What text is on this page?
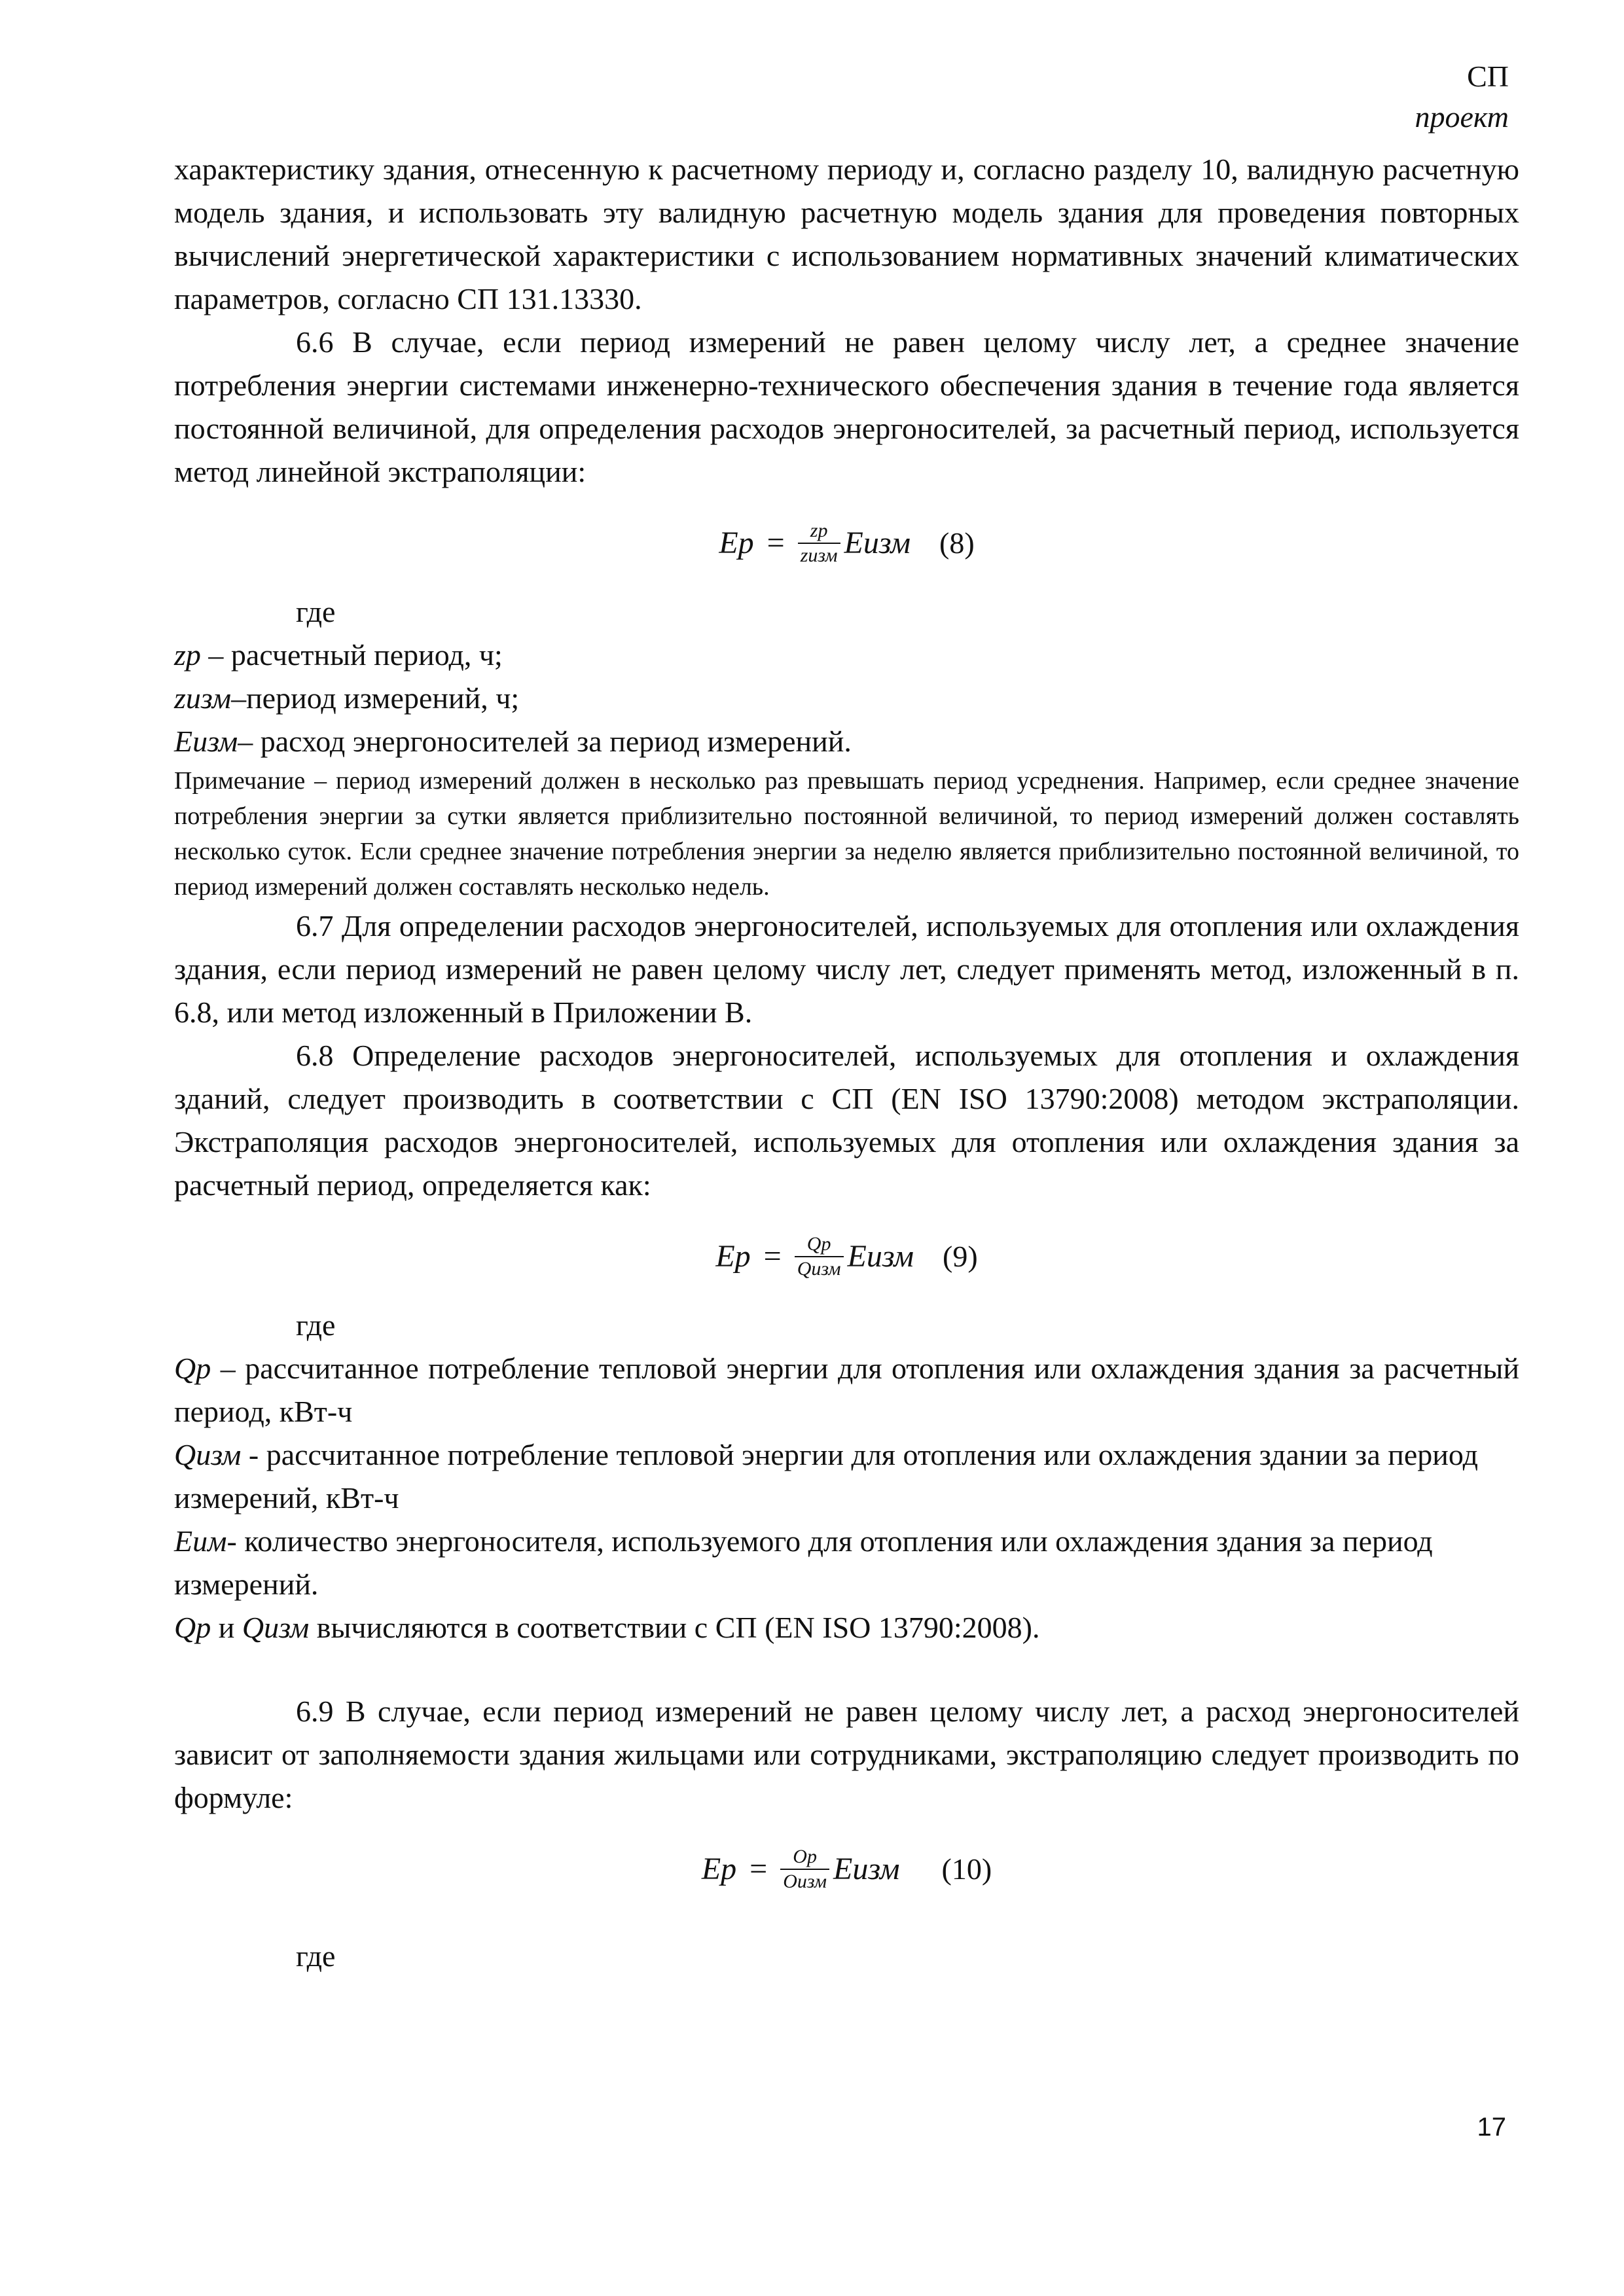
СП
проект

характеристику здания, отнесенную к расчетному периоду и, согласно разделу 10, валидную расчетную модель здания, и использовать эту валидную расчетную модель здания для проведения повторных вычислений энергетической характеристики с использованием нормативных значений климатических параметров, согласно СП 131.13330.

6.6 В случае, если период измерений не равен целому числу лет, а среднее значение потребления энергии системами инженерно-технического обеспечения здания в течение года является постоянной величиной, для определения расходов энергоносителей, за расчетный период, используется метод линейной экстраполяции:

Eр = $\frac{zр}{\text{zизм}}$ Eизм (8)

где

zр – расчетный период, ч;

zизм–период измерений, ч;

Eизм– расход энергоносителей за период измерений.

Примечание – период измерений должен в несколько раз превышать период усреднения. Например, если среднее значение потребления энергии за сутки является приблизительно постоянной величиной, то период измерений должен составлять несколько суток. Если среднее значение потребления энергии за неделю является приблизительно постоянной величиной, то период измерений должен составлять несколько недель.

6.7 Для определении расходов энергоносителей, используемых для отопления или охлаждения здания, если период измерений не равен целому числу лет, следует применять метод, изложенный в п. 6.8, или метод изложенный в Приложении В.

6.8 Определение расходов энергоносителей, используемых для отопления и охлаждения зданий, следует производить в соответствии с СП (EN ISO 13790:2008) методом экстраполяции. Экстраполяция расходов энергоносителей, используемых для отопления или охлаждения здания за расчетный период, определяется как:

Eр = $\frac{Qр}{\text{Qизм}}$ Eизм (9)

где

Qр – рассчитанное потребление тепловой энергии для отопления или охлаждения здания за расчетный период, кВт-ч

Qизм - рассчитанное потребление тепловой энергии для отопления или охлаждения здании за период измерений, кВт-ч

Eим- количество энергоносителя, используемого для отопления или охлаждения здания за период измерений.

Qр и Qизм вычисляются в соответствии с СП (EN ISO 13790:2008).

6.9 В случае, если период измерений не равен целому числу лет, а расход энергоносителей зависит от заполняемости здания жильцами или сотрудниками, экстраполяцию следует производить по формуле:

Eр = $\frac{Oр}{\text{Oизм}}$ Eизм (10)

где

17
